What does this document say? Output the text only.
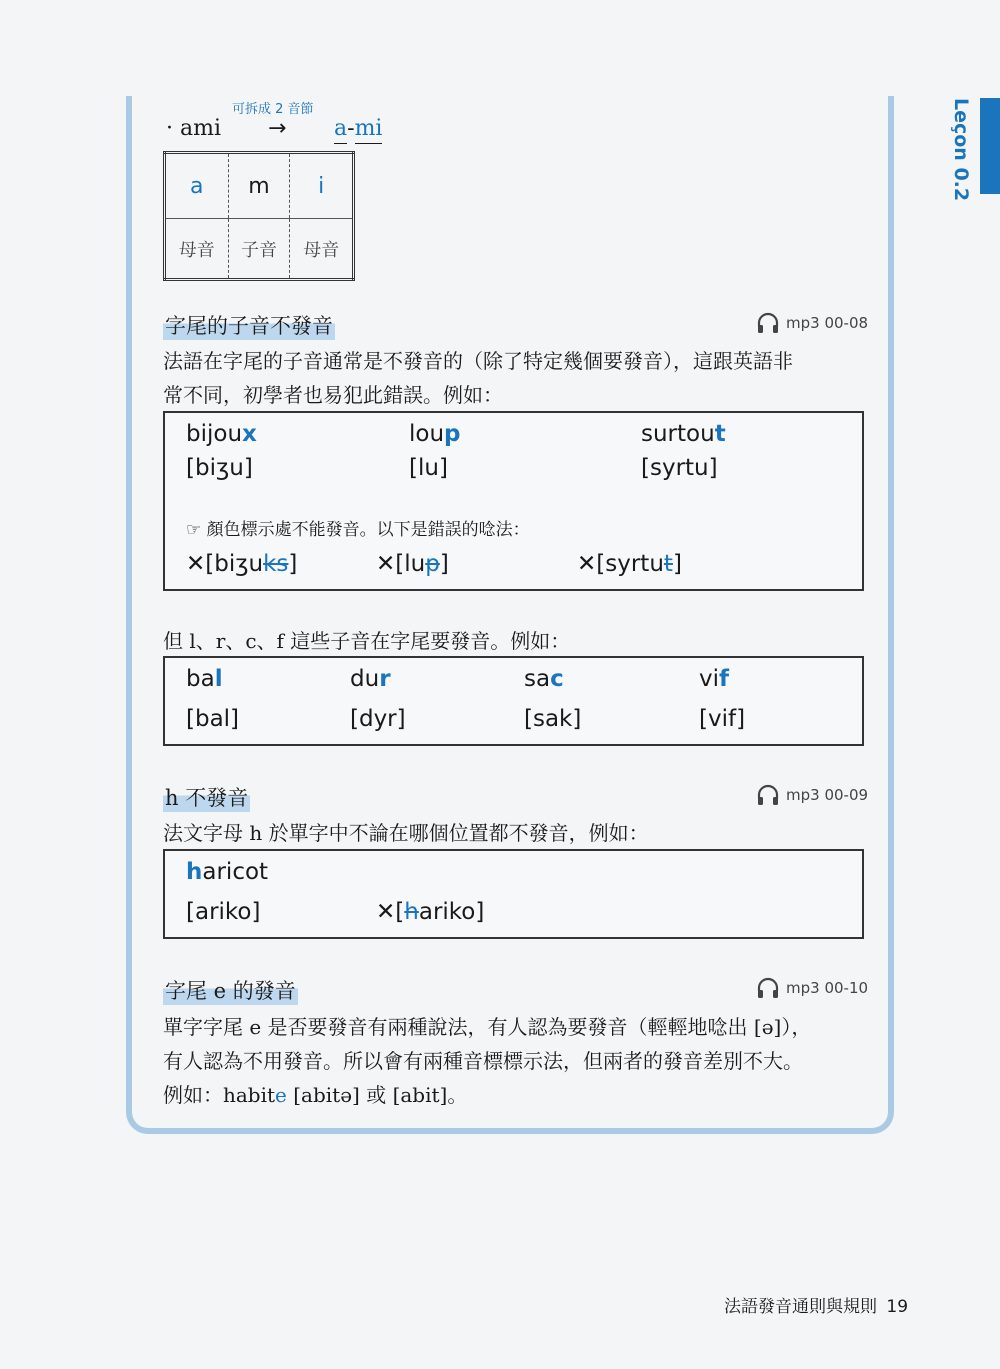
Leçon 0.2
可拆成 2 音節
· ami → a-mi
a	m	i
母音	子音	母音
字尾的子音不發音	mp3 00-08
法語在字尾的子音通常是不發音的（除了特定幾個要發音），這跟英語非
常不同，初學者也易犯此錯誤。例如：
bijoux	loup	surtout
[biʒu]	[lu]	[syrtu]
☞ 顏色標示處不能發音。以下是錯誤的唸法：
✕[biʒuks]	✕[lup]	✕[syrtut]
但 l、r、c、f 這些子音在字尾要發音。例如：
bal	dur	sac	vif
[bal]	[dyr]	[sak]	[vif]
h 不發音	mp3 00-09
法文字母 h 於單字中不論在哪個位置都不發音，例如：
haricot
[ariko]	✕[hariko]
字尾 e 的發音	mp3 00-10
單字字尾 e 是否要發音有兩種說法，有人認為要發音（輕輕地唸出 [ə]），
有人認為不用發音。所以會有兩種音標標示法，但兩者的發音差別不大。
例如：habite [abitə] 或 [abit]。
法語發音通則與規則 19
